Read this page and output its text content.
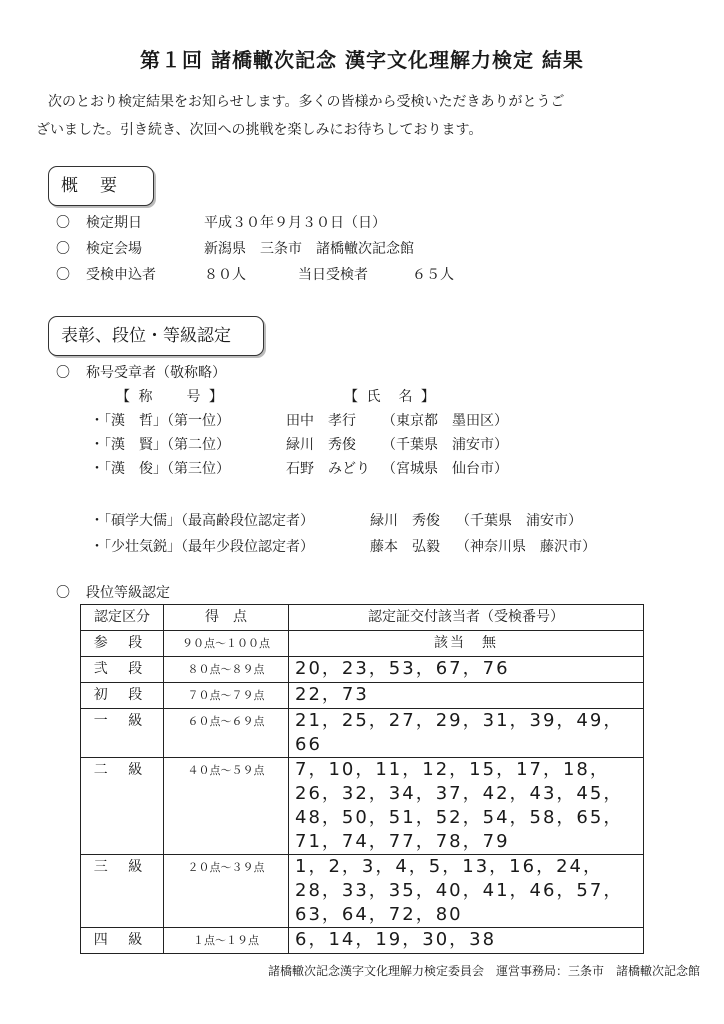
第１回 諸橋轍次記念 漢字文化理解力検定 結果
次のとおり検定結果をお知らせします。多くの皆様から受検いただきありがとうご
ざいました。引き続き、次回への挑戦を楽しみにお待ちしております。
概要
〇 検定期日	平成３０年９月３０日（日）
〇 検定会場	新潟県　三条市　諸橋轍次記念館
〇 受検申込者	８０人	当日受検者	６５人
表彰、段位・等級認定
〇 称号受章者（敬称略）
【 称　　号 】	【 氏　名 】
・「漢　哲」（第一位）	田中　孝行 （東京都　墨田区）
・「漢　賢」（第二位）	緑川　秀俊 （千葉県　浦安市）
・「漢　俊」（第三位）	石野　みどり （宮城県　仙台市）
・「碩学大儒」（最高齢段位認定者）	緑川　秀俊 （千葉県　浦安市）
・「少壮気鋭」（最年少段位認定者）	藤本　弘毅 （神奈川県　藤沢市）
〇 段位等級認定
認定区分	得　点	認定証交付該当者（受検番号）
参 段	９０点〜１００点	該当　無
弐 段	８０点〜８９点	20，23，53，67，76
初 段	７０点〜７９点	22，73
一 級	６０点〜６９点	21，25，27，29，31，39，49，66
二 級	４０点〜５９点	7，10，11，12，15，17，18，26，32，34，37，42，43，45，48，50，51，52，54，58，65，71，74，77，78，79
三 級	２０点〜３９点	1，2，3，4，5，13，16，24，28，33，35，40，41，46，57，63，64，72，80
四 級	１点〜１９点	6，14，19，30，38
諸橋轍次記念漢字文化理解力検定委員会　運営事務局：三条市　諸橋轍次記念館
